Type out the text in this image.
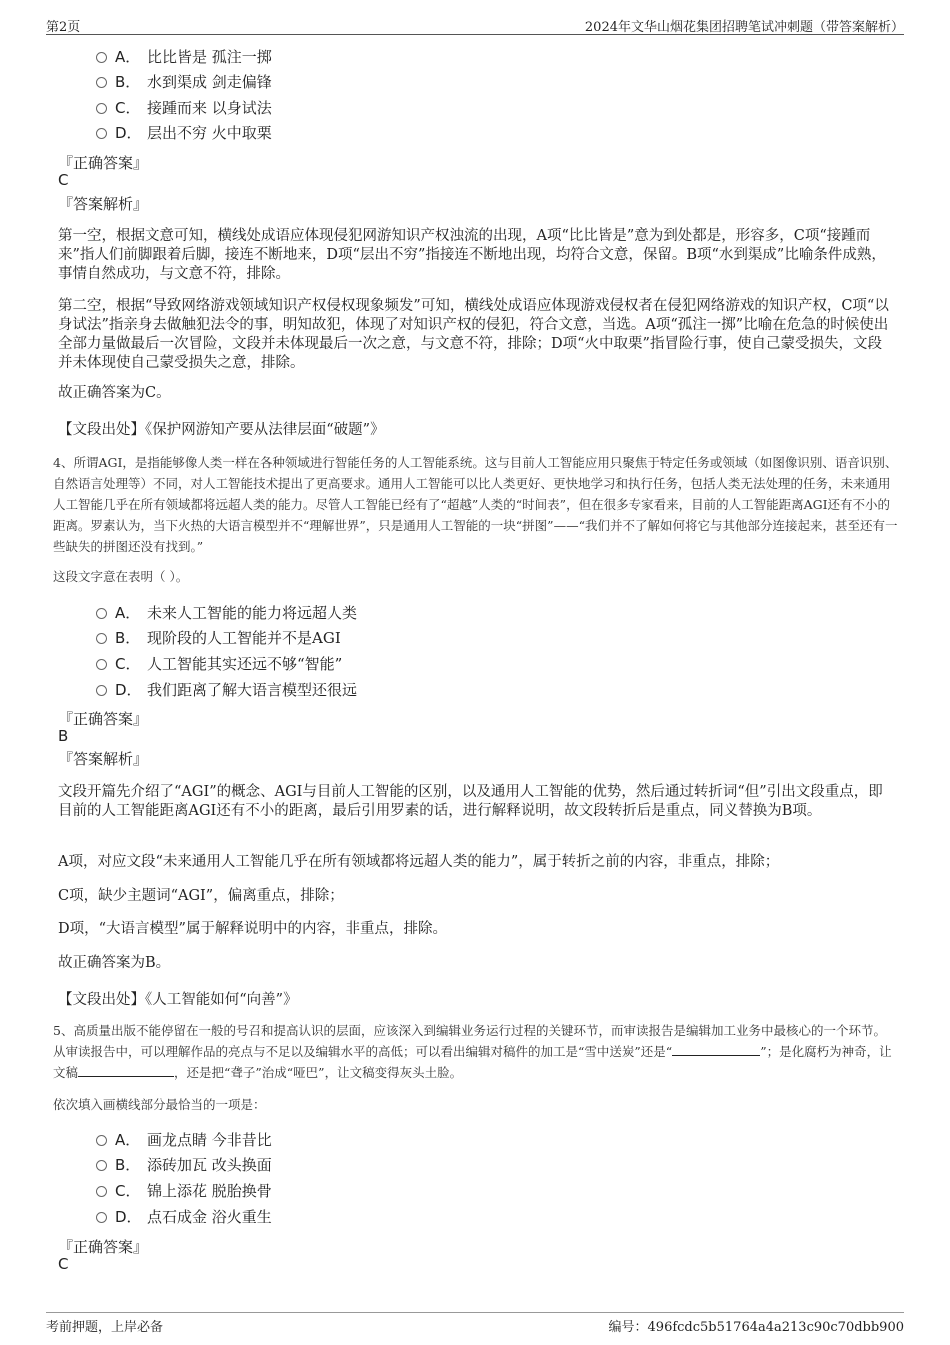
第2页	2024年文华山烟花集团招聘笔试冲刺题（带答案解析）
A． 比比皆是 孤注一掷
B． 水到渠成 剑走偏锋
C． 接踵而来 以身试法
D． 层出不穷 火中取栗
『正确答案』
C
『答案解析』
第一空，根据文意可知，横线处成语应体现侵犯网游知识产权浊流的出现，A项“比比皆是”意为到处都是，形容多，C项“接踵而来”指人们前脚跟着后脚，接连不断地来，D项“层出不穷”指接连不断地出现，均符合文意，保留。B项“水到渠成”比喻条件成熟，事情自然成功，与文意不符，排除。
第二空，根据“导致网络游戏领域知识产权侵权现象频发”可知，横线处成语应体现游戏侵权者在侵犯网络游戏的知识产权，C项“以身试法”指亲身去做触犯法令的事，明知故犯，体现了对知识产权的侵犯，符合文意，当选。A项“孤注一掷”比喻在危急的时候使出全部力量做最后一次冒险，文段并未体现最后一次之意，与文意不符，排除；D项“火中取栗”指冒险行事，使自己蒙受损失，文段并未体现使自己蒙受损失之意，排除。
故正确答案为C。
【文段出处】《保护网游知产要从法律层面“破题”》
4、所谓AGI，是指能够像人类一样在各种领域进行智能任务的人工智能系统。这与目前人工智能应用只聚焦于特定任务或领域（如图像识别、语音识别、自然语言处理等）不同，对人工智能技术提出了更高要求。通用人工智能可以比人类更好、更快地学习和执行任务，包括人类无法处理的任务，未来通用人工智能几乎在所有领域都将远超人类的能力。尽管人工智能已经有了“超越”人类的“时间表”，但在很多专家看来，目前的人工智能距离AGI还有不小的距离。罗素认为，当下火热的大语言模型并不“理解世界”，只是通用人工智能的一块“拼图”——“我们并不了解如何将它与其他部分连接起来，甚至还有一些缺失的拼图还没有找到。”
这段文字意在表明（ ）。
A． 未来人工智能的能力将远超人类
B． 现阶段的人工智能并不是AGI
C． 人工智能其实还远不够“智能”
D． 我们距离了解大语言模型还很远
『正确答案』
B
『答案解析』
文段开篇先介绍了“AGI”的概念、AGI与目前人工智能的区别，以及通用人工智能的优势，然后通过转折词“但”引出文段重点，即目前的人工智能距离AGI还有不小的距离，最后引用罗素的话，进行解释说明，故文段转折后是重点，同义替换为B项。
A项，对应文段“未来通用人工智能几乎在所有领域都将远超人类的能力”，属于转折之前的内容，非重点，排除；
C项，缺少主题词“AGI”，偏离重点，排除；
D项，“大语言模型”属于解释说明中的内容，非重点，排除。
故正确答案为B。
【文段出处】《人工智能如何“向善”》
5、高质量出版不能停留在一般的号召和提高认识的层面，应该深入到编辑业务运行过程的关键环节，而审读报告是编辑加工业务中最核心的一个环节。从审读报告中，可以理解作品的亮点与不足以及编辑水平的高低；可以看出编辑对稿件的加工是“雪中送炭”还是“	”；是化腐朽为神奇，让文稿	，还是把“聋子”治成“哑巴”，让文稿变得灰头土脸。
依次填入画横线部分最恰当的一项是：
A． 画龙点睛 今非昔比
B． 添砖加瓦 改头换面
C． 锦上添花 脱胎换骨
D． 点石成金 浴火重生
『正确答案』
C
考前押题，上岸必备	编号：496fcdc5b51764a4a213c90c70dbb900
